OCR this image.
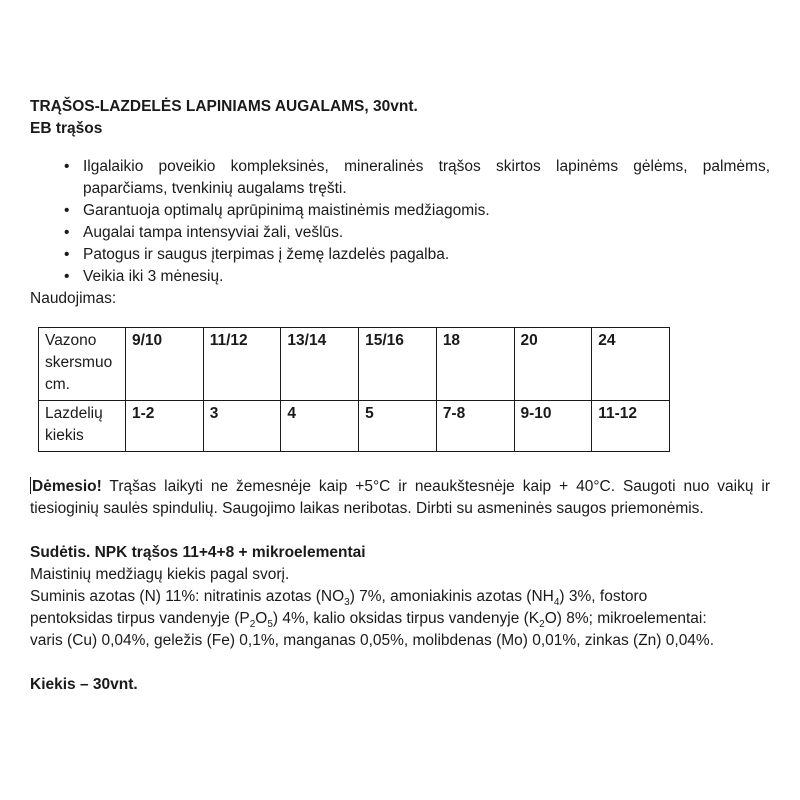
TRĄŠOS-LAZDELĖS LAPINIAMS AUGALAMS, 30vnt.

EB trąšos

• Ilgalaikio poveikio kompleksinės, mineralinės trąšos skirtos lapinėms gėlėms, palmėms, paparčiams, tvenkinių augalams tręšti.
• Garantuoja optimalų aprūpinimą maistinėmis medžiagomis.
• Augalai tampa intensyviai žali, vešlūs.
• Patogus ir saugus įterpimas į žemę lazdelės pagalba.
• Veikia iki 3 mėnesių.

Naudojimas:

Vazono skersmuo cm.	9/10	11/12	13/14	15/16	18	20	24
Lazdelių kiekis	1-2	3	4	5	7-8	9-10	11-12

Dėmesio! Trąšas laikyti ne žemesnėje kaip +5°C ir neaukštesnėje kaip + 40°C. Saugoti nuo vaikų ir tiesioginių saulės spindulių. Saugojimo laikas neribotas. Dirbti su asmeninės saugos priemonėmis.

Sudėtis. NPK trąšos 11+4+8 + mikroelementai

Maistinių medžiagų kiekis pagal svorį.

Suminis azotas (N) 11%: nitratinis azotas $(NO_3)$ 7%, amoniakinis azotas $(NH_4)$ 3%, fostoro

pentoksidas tirpus vandenyje $(P_2O_5)$ 4%, kalio oksidas tirpus vandenyje $(K_2O)$ 8%; mikroelementai:

varis (Cu) 0,04%, geležis (Fe) 0,1%, manganas 0,05%, molibdenas (Mo) 0,01%, zinkas (Zn) 0,04%.

Kiekis – 30vnt.
